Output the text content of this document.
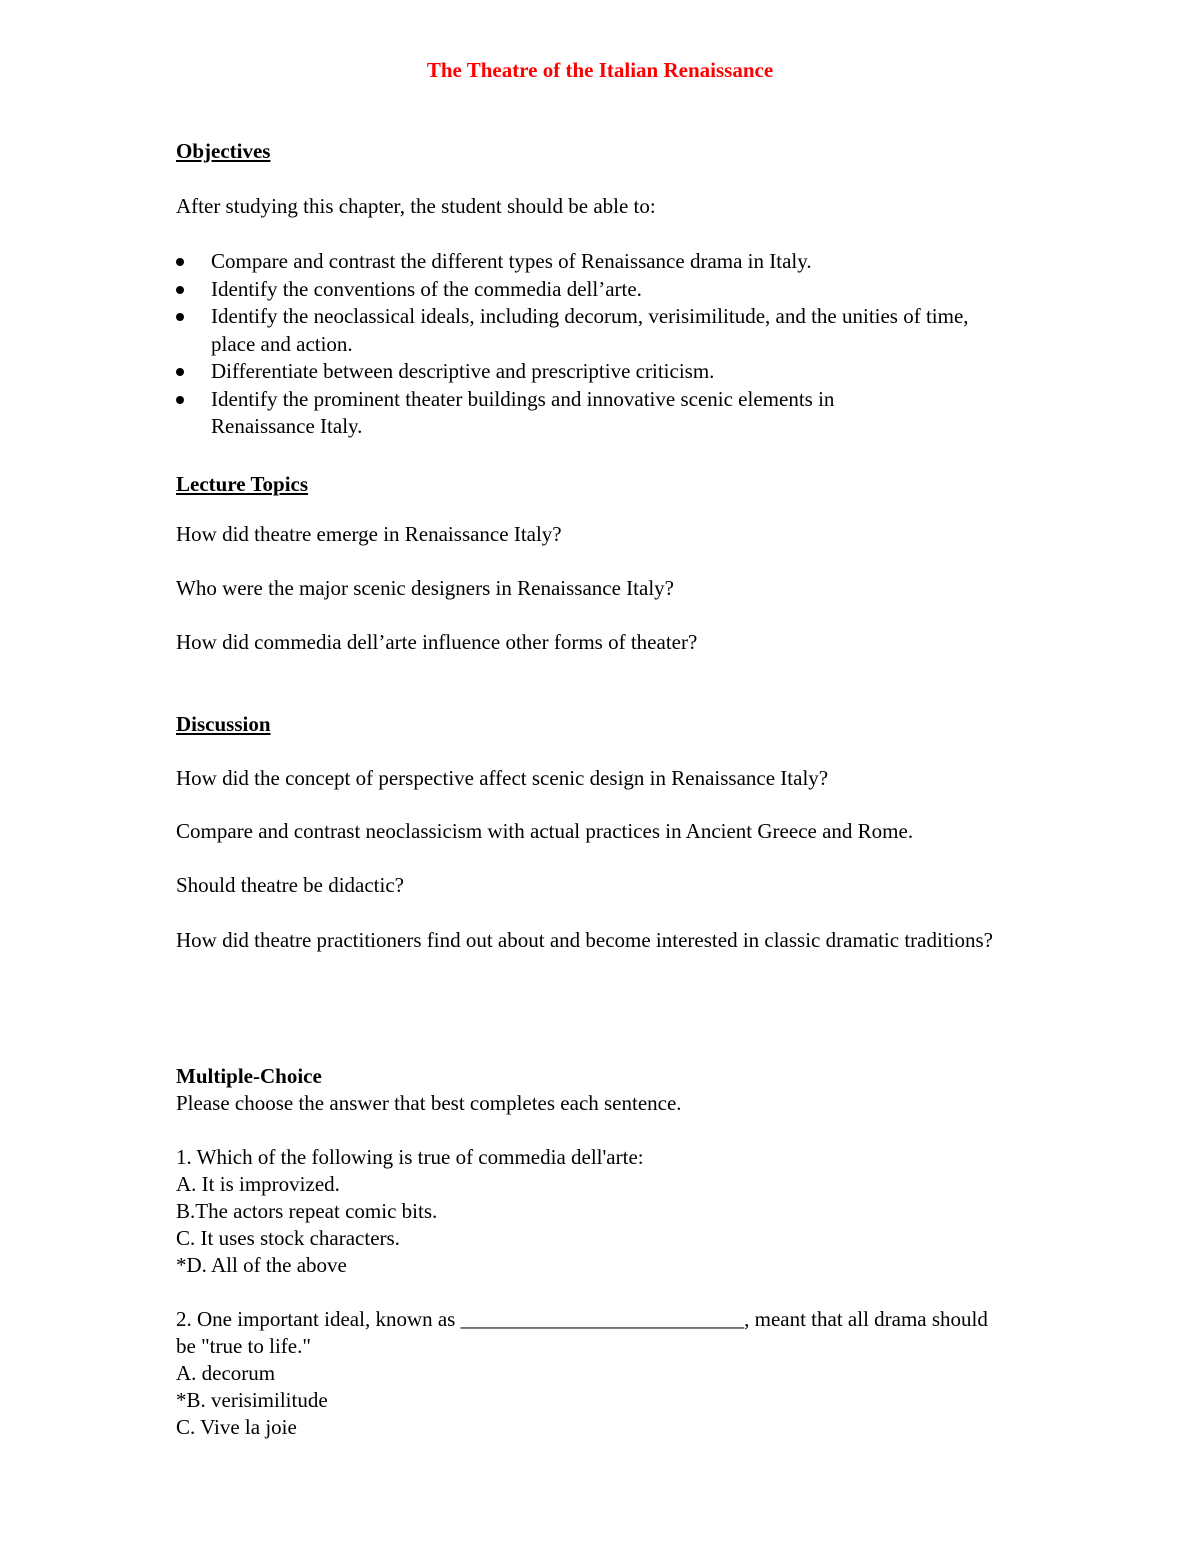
The Theatre of the Italian Renaissance

Objectives

After studying this chapter, the student should be able to:

Compare and contrast the different types of Renaissance drama in Italy.
Identify the conventions of the commedia dell’arte.
Identify the neoclassical ideals, including decorum, verisimilitude, and the unities of time, place and action.
Differentiate between descriptive and prescriptive criticism.
Identify the prominent theater buildings and innovative scenic elements in Renaissance Italy.

Lecture Topics

How did theatre emerge in Renaissance Italy?

Who were the major scenic designers in Renaissance Italy?

How did commedia dell’arte influence other forms of theater?

Discussion

How did the concept of perspective affect scenic design in Renaissance Italy?

Compare and contrast neoclassicism with actual practices in Ancient Greece and Rome.

Should theatre be didactic?

How did theatre practitioners find out about and become interested in classic dramatic traditions?

Multiple-Choice

Please choose the answer that best completes each sentence.

1. Which of the following is true of commedia dell'arte:

A. It is improvized.

B.The actors repeat comic bits.

C. It uses stock characters.

*D. All of the above

2. One important ideal, known as ___________________________, meant that all drama should be "true to life."

A. decorum

*B. verisimilitude

C. Vive la joie
